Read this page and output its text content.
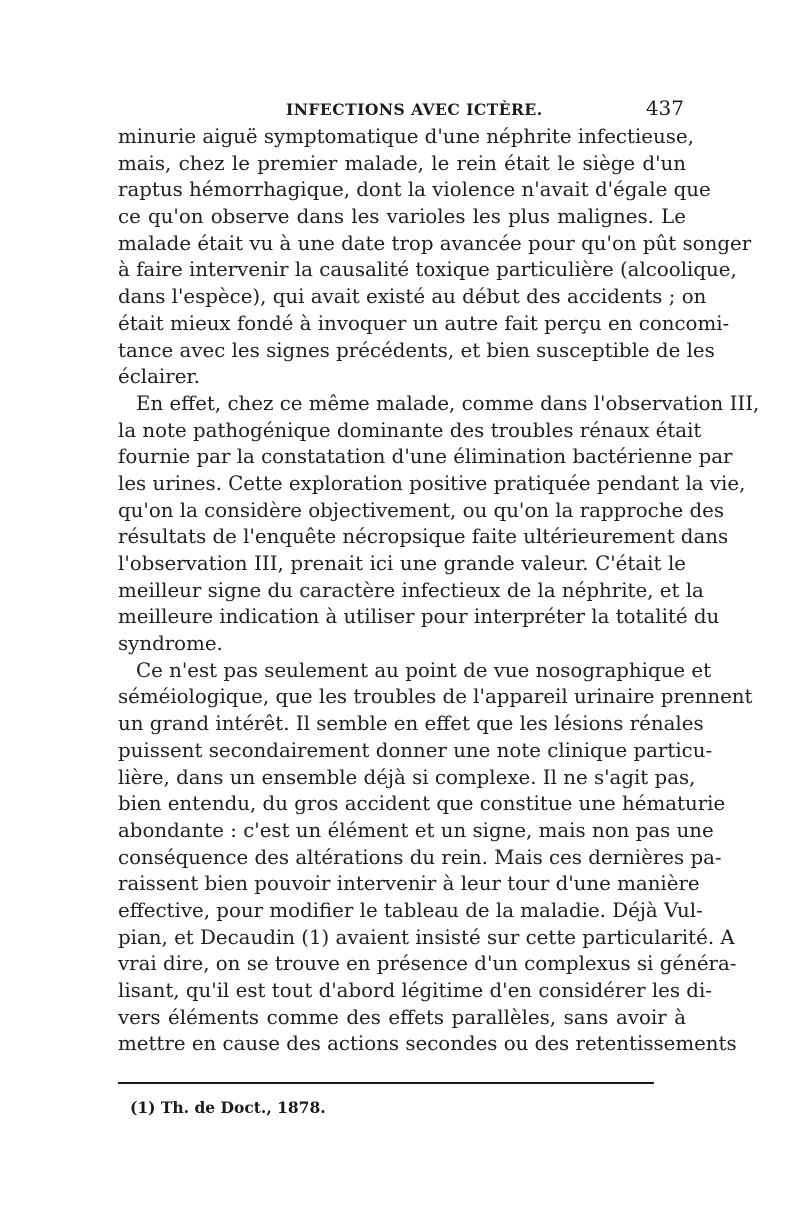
INFECTIONS AVEC ICTÈRE.	437
minurie aiguë symptomatique d'une néphrite infectieuse,
mais, chez le premier malade, le rein était le siège d'un
raptus hémorrhagique, dont la violence n'avait d'égale que
ce qu'on observe dans les varioles les plus malignes. Le
malade était vu à une date trop avancée pour qu'on pût songer
à faire intervenir la causalité toxique particulière (alcoolique,
dans l'espèce), qui avait existé au début des accidents ; on
était mieux fondé à invoquer un autre fait perçu en concomi-
tance avec les signes précédents, et bien susceptible de les
éclairer.
En effet, chez ce même malade, comme dans l'observation III,
la note pathogénique dominante des troubles rénaux était
fournie par la constatation d'une élimination bactérienne par
les urines. Cette exploration positive pratiquée pendant la vie,
qu'on la considère objectivement, ou qu'on la rapproche des
résultats de l'enquête nécropsique faite ultérieurement dans
l'observation III, prenait ici une grande valeur. C'était le
meilleur signe du caractère infectieux de la néphrite, et la
meilleure indication à utiliser pour interpréter la totalité du
syndrome.
Ce n'est pas seulement au point de vue nosographique et
séméiologique, que les troubles de l'appareil urinaire prennent
un grand intérêt. Il semble en effet que les lésions rénales
puissent secondairement donner une note clinique particu-
lière, dans un ensemble déjà si complexe. Il ne s'agit pas,
bien entendu, du gros accident que constitue une hématurie
abondante : c'est un élément et un signe, mais non pas une
conséquence des altérations du rein. Mais ces dernières pa-
raissent bien pouvoir intervenir à leur tour d'une manière
effective, pour modifier le tableau de la maladie. Déjà Vul-
pian, et Decaudin (1) avaient insisté sur cette particularité. A
vrai dire, on se trouve en présence d'un complexus si généra-
lisant, qu'il est tout d'abord légitime d'en considérer les di-
vers éléments comme des effets parallèles, sans avoir à
mettre en cause des actions secondes ou des retentissements
(1) Th. de Doct., 1878.
